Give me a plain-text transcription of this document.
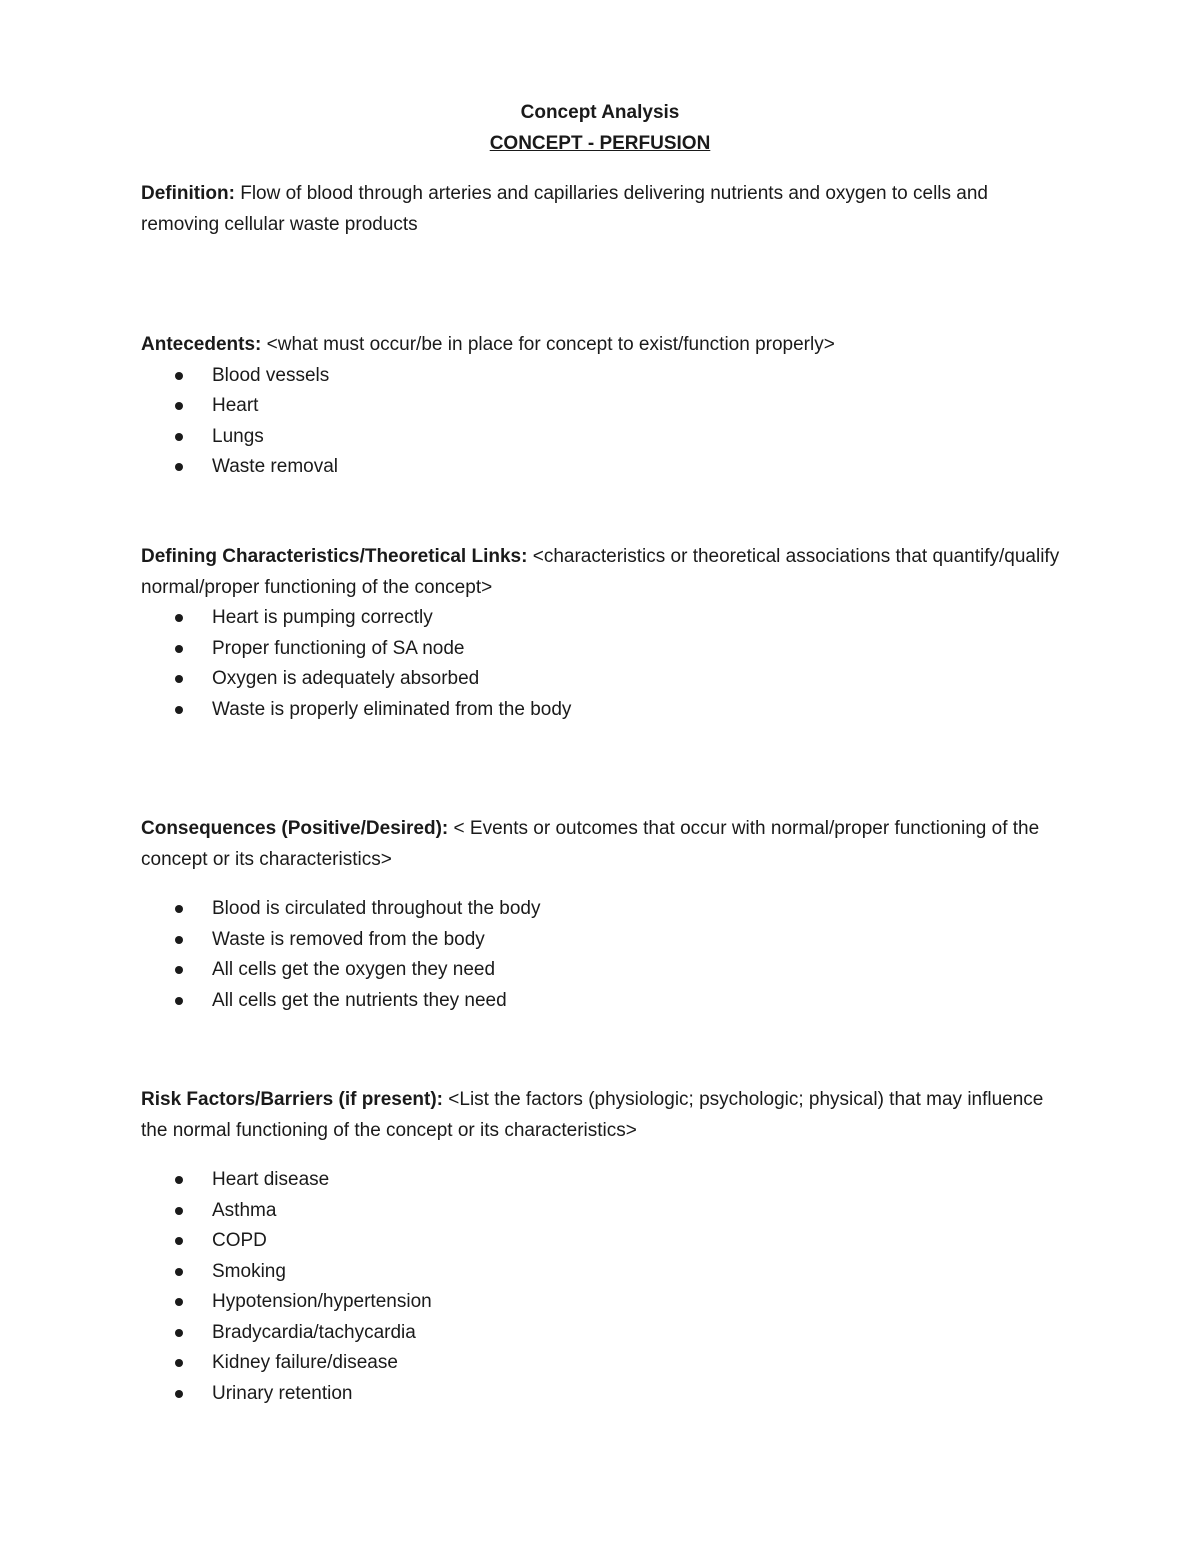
Concept Analysis
CONCEPT - PERFUSION

Definition: Flow of blood through arteries and capillaries delivering nutrients and oxygen to cells and removing cellular waste products

Antecedents: <what must occur/be in place for concept to exist/function properly>

Blood vessels
Heart
Lungs
Waste removal

Defining Characteristics/Theoretical Links: <characteristics or theoretical associations that quantify/qualify normal/proper functioning of the concept>

Heart is pumping correctly
Proper functioning of SA node
Oxygen is adequately absorbed
Waste is properly eliminated from the body

Consequences (Positive/Desired): < Events or outcomes that occur with normal/proper functioning of the concept or its characteristics>

Blood is circulated throughout the body
Waste is removed from the body
All cells get the oxygen they need
All cells get the nutrients they need

Risk Factors/Barriers (if present): <List the factors (physiologic; psychologic; physical) that may influence the normal functioning of the concept or its characteristics>

Heart disease
Asthma
COPD
Smoking
Hypotension/hypertension
Bradycardia/tachycardia
Kidney failure/disease
Urinary retention
